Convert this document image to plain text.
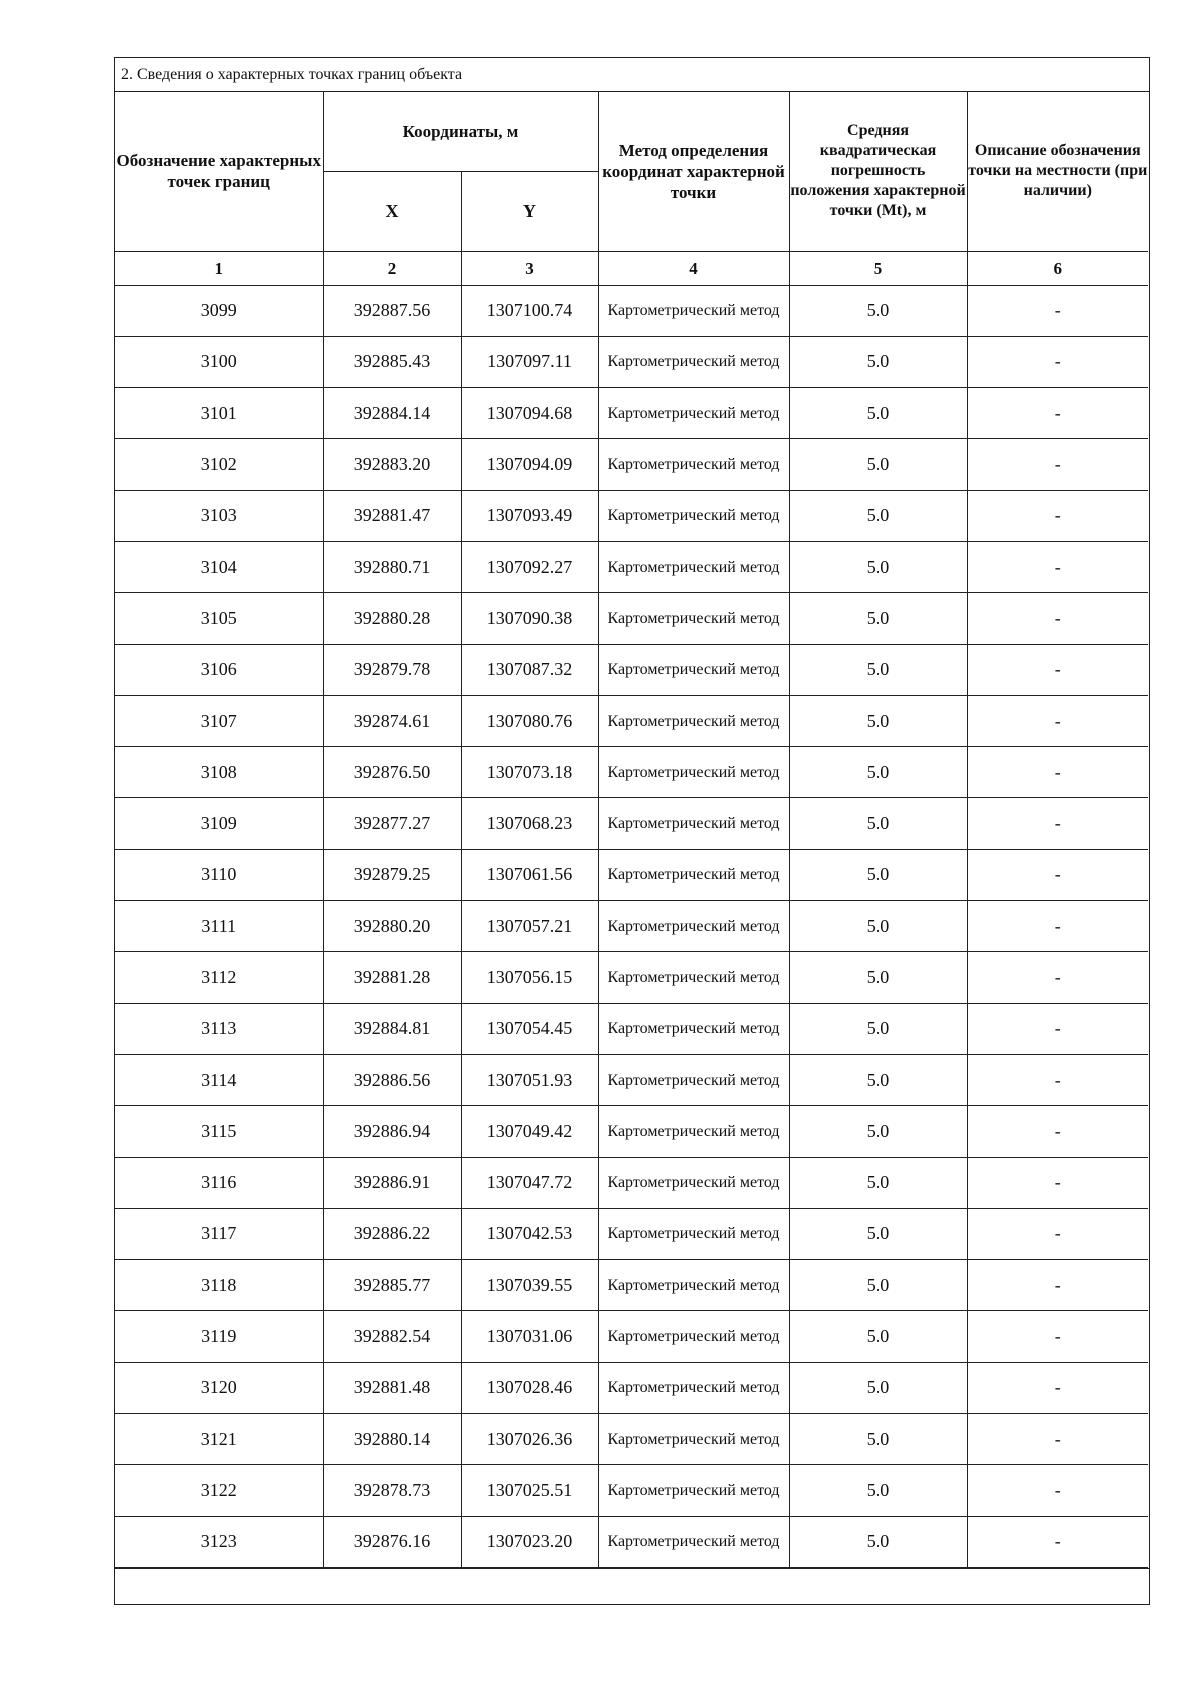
2. Сведения о характерных точках границ объекта
Обозначение характерных точек границ	Координаты, м		Метод определения координат характерной точки	Средняя квадратическая погрешность положения характерной точки (Mt), м	Описание обозначения точки на местности (при наличии)
	X	Y			
1	2	3	4	5	6
3099	392887.56	1307100.74	Картометрический метод	5.0	-
3100	392885.43	1307097.11	Картометрический метод	5.0	-
3101	392884.14	1307094.68	Картометрический метод	5.0	-
3102	392883.20	1307094.09	Картометрический метод	5.0	-
3103	392881.47	1307093.49	Картометрический метод	5.0	-
3104	392880.71	1307092.27	Картометрический метод	5.0	-
3105	392880.28	1307090.38	Картометрический метод	5.0	-
3106	392879.78	1307087.32	Картометрический метод	5.0	-
3107	392874.61	1307080.76	Картометрический метод	5.0	-
3108	392876.50	1307073.18	Картометрический метод	5.0	-
3109	392877.27	1307068.23	Картометрический метод	5.0	-
3110	392879.25	1307061.56	Картометрический метод	5.0	-
3111	392880.20	1307057.21	Картометрический метод	5.0	-
3112	392881.28	1307056.15	Картометрический метод	5.0	-
3113	392884.81	1307054.45	Картометрический метод	5.0	-
3114	392886.56	1307051.93	Картометрический метод	5.0	-
3115	392886.94	1307049.42	Картометрический метод	5.0	-
3116	392886.91	1307047.72	Картометрический метод	5.0	-
3117	392886.22	1307042.53	Картометрический метод	5.0	-
3118	392885.77	1307039.55	Картометрический метод	5.0	-
3119	392882.54	1307031.06	Картометрический метод	5.0	-
3120	392881.48	1307028.46	Картометрический метод	5.0	-
3121	392880.14	1307026.36	Картометрический метод	5.0	-
3122	392878.73	1307025.51	Картометрический метод	5.0	-
3123	392876.16	1307023.20	Картометрический метод	5.0	-
